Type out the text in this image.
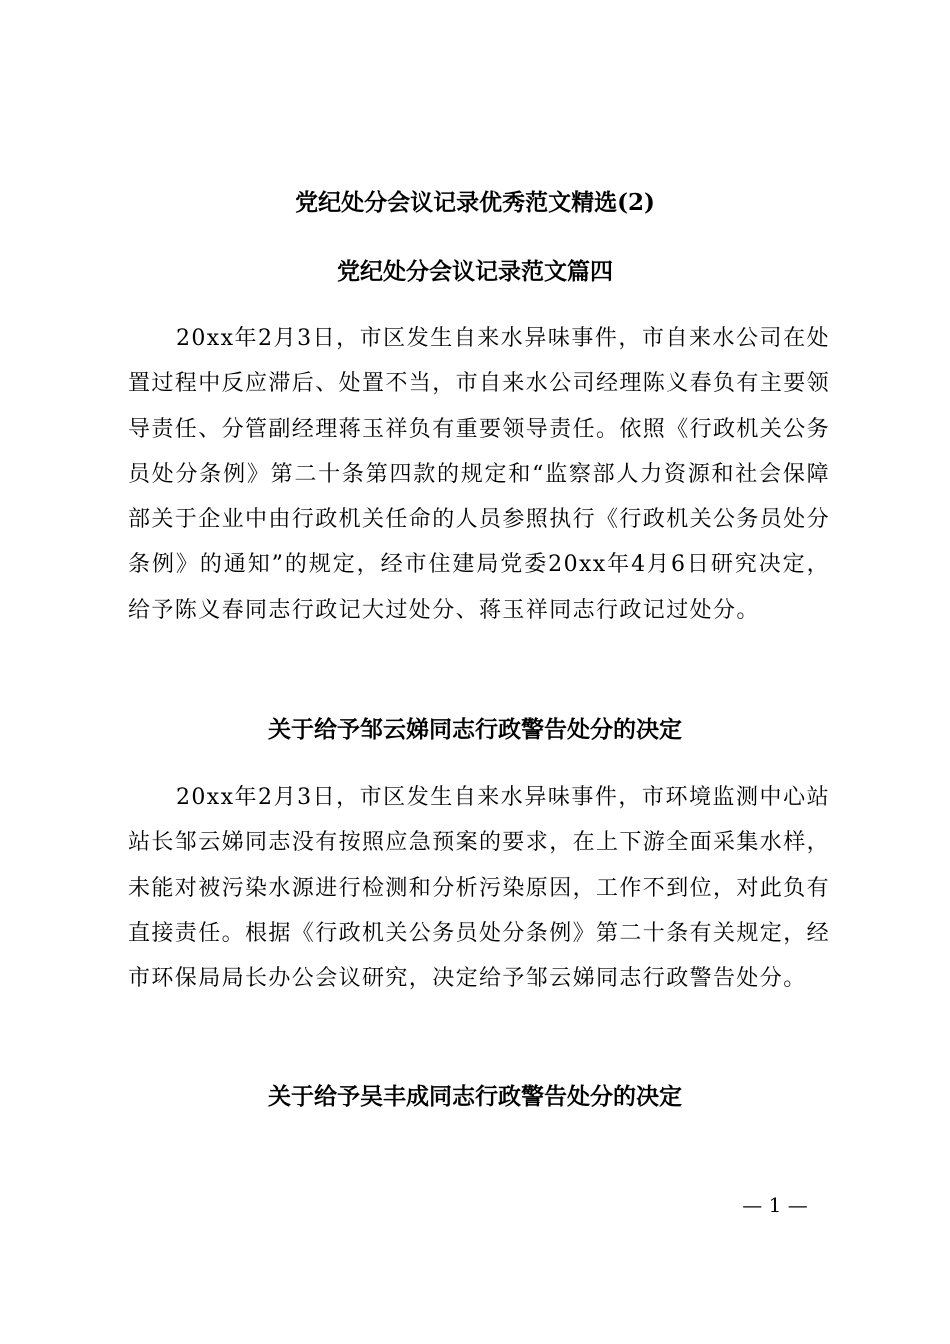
党纪处分会议记录优秀范文精选(2)
党纪处分会议记录范文篇四
20xx年2月3日，市区发生自来水异味事件，市自来水公司在处置过程中反应滞后、处置不当，市自来水公司经理陈义春负有主要领导责任、分管副经理蒋玉祥负有重要领导责任。依照《行政机关公务员处分条例》第二十条第四款的规定和“监察部人力资源和社会保障部关于企业中由行政机关任命的人员参照执行《行政机关公务员处分条例》的通知”的规定，经市住建局党委20xx年4月6日研究决定，给予陈义春同志行政记大过处分、蒋玉祥同志行政记过处分。
关于给予邹云娣同志行政警告处分的决定
20xx年2月3日，市区发生自来水异味事件，市环境监测中心站站长邹云娣同志没有按照应急预案的要求，在上下游全面采集水样，未能对被污染水源进行检测和分析污染原因，工作不到位，对此负有直接责任。根据《行政机关公务员处分条例》第二十条有关规定，经市环保局局长办公会议研究，决定给予邹云娣同志行政警告处分。
关于给予吴丰成同志行政警告处分的决定
— 1 —
